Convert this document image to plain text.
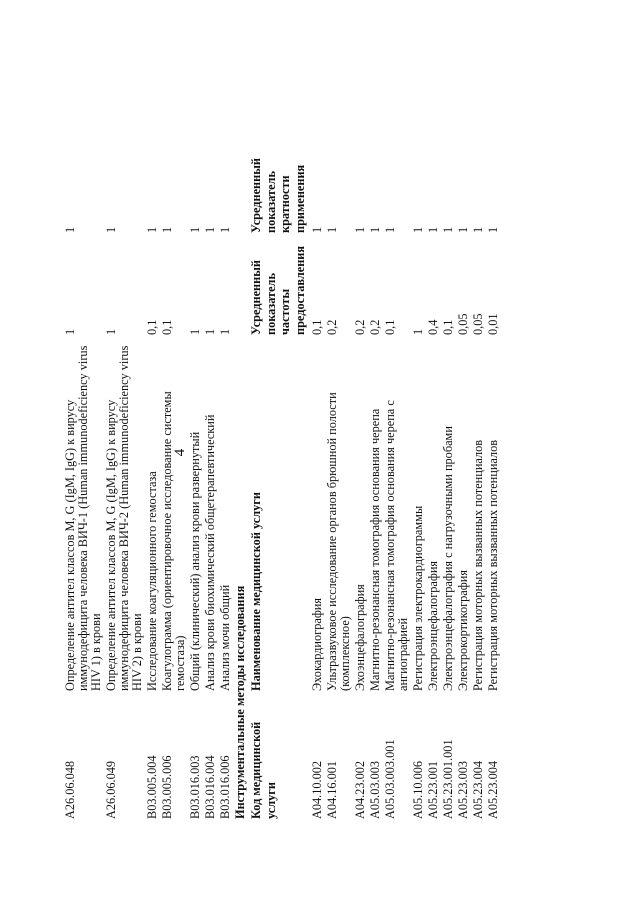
4
A26.06.048
Определение антител классов M, G (IgM, IgG) к вирусу иммунодефицита человека ВИЧ-1 (Human immunodeficiency virus HIV 1) в крови
1
1
A26.06.049
Определение антител классов M, G (IgM, IgG) к вирусу иммунодефицита человека ВИЧ-2 (Human immunodeficiency virus HIV 2) в крови
1
1
B03.005.004
Исследование коагуляционного гемостаза
0,1
1
B03.005.006
Коагулограмма (ориентировочное исследование системы гемостаза)
0,1
1
B03.016.003
Общий (клинический) анализ крови развернутый
1
1
B03.016.004
Анализ крови биохимический общетерапевтический
1
1
B03.016.006
Анализ мочи общий
1
1
Инструментальные методы исследования Код медицинской услуги
Наименование медицинской услуги
Усредненный показатель частоты предоставления
Усредненный показатель кратности применения
A04.10.002
Эхокардиография
0,1
1
A04.16.001
Ультразвуковое исследование органов брюшной полости (комплексное)
0,2
1
A04.23.002
Эхоэнцефалография
0,2
1
A05.03.003
Магнитно-резонансная томография основания черепа
0,2
1
A05.03.003.001
Магнитно-резонансная томография основания черепа с ангиографией
0,1
1
A05.10.006
Регистрация электрокардиограммы
1
1
A05.23.001
Электроэнцефалография
0,4
1
A05.23.001.001
Электроэнцефалография с нагрузочными пробами
0,1
1
A05.23.003
Электрокортикография
0,05
1
A05.23.004
Регистрация моторных вызванных потенциалов
0,05
1
A05.23.004
Регистрация моторных вызванных потенциалов
0,01
1
